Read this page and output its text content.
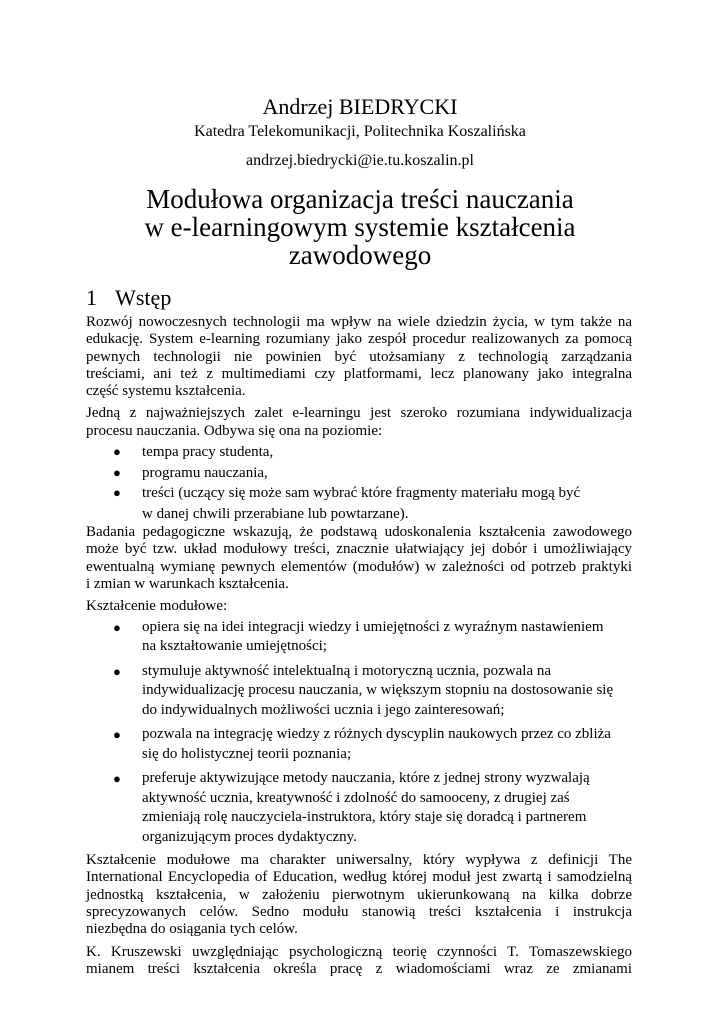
Andrzej BIEDRYCKI
Katedra Telekomunikacji, Politechnika Koszalińska
andrzej.biedrycki@ie.tu.koszalin.pl
Modułowa organizacja treści nauczania
w e-learningowym systemie kształcenia
zawodowego
1 Wstęp
Rozwój nowoczesnych technologii ma wpływ na wiele dziedzin życia, w tym także na
edukację. System e-learning rozumiany jako zespół procedur realizowanych za pomocą
pewnych technologii nie powinien być utożsamiany z technologią zarządzania
treściami, ani też z multimediami czy platformami, lecz planowany jako integralna
część systemu kształcenia.
Jedną z najważniejszych zalet e-learningu jest szeroko rozumiana indywidualizacja
procesu nauczania. Odbywa się ona na poziomie:
● tempa pracy studenta,
● programu nauczania,
● treści (uczący się może sam wybrać które fragmenty materiału mogą być
w danej chwili przerabiane lub powtarzane).
Badania pedagogiczne wskazują, że podstawą udoskonalenia kształcenia zawodowego
może być tzw. układ modułowy treści, znacznie ułatwiający jej dobór i umożliwiający
ewentualną wymianę pewnych elementów (modułów) w zależności od potrzeb praktyki
i zmian w warunkach kształcenia.
Kształcenie modułowe:
● opiera się na idei integracji wiedzy i umiejętności z wyraźnym nastawieniem
na kształtowanie umiejętności;
● stymuluje aktywność intelektualną i motoryczną ucznia, pozwala na
indywidualizację procesu nauczania, w większym stopniu na dostosowanie się
do indywidualnych możliwości ucznia i jego zainteresowań;
● pozwala na integrację wiedzy z różnych dyscyplin naukowych przez co zbliża
się do holistycznej teorii poznania;
● preferuje aktywizujące metody nauczania, które z jednej strony wyzwalają
aktywność ucznia, kreatywność i zdolność do samooceny, z drugiej zaś
zmieniają rolę nauczyciela-instruktora, który staje się doradcą i partnerem
organizującym proces dydaktyczny.
Kształcenie modułowe ma charakter uniwersalny, który wypływa z definicji The
International Encyclopedia of Education, według której moduł jest zwartą i samodzielną
jednostką kształcenia, w założeniu pierwotnym ukierunkowaną na kilka dobrze
sprecyzowanych celów. Sedno modułu stanowią treści kształcenia i instrukcja
niezbędna do osiągania tych celów.
K. Kruszewski uwzględniając psychologiczną teorię czynności T. Tomaszewskiego
mianem treści kształcenia określa pracę z wiadomościami wraz ze zmianami
